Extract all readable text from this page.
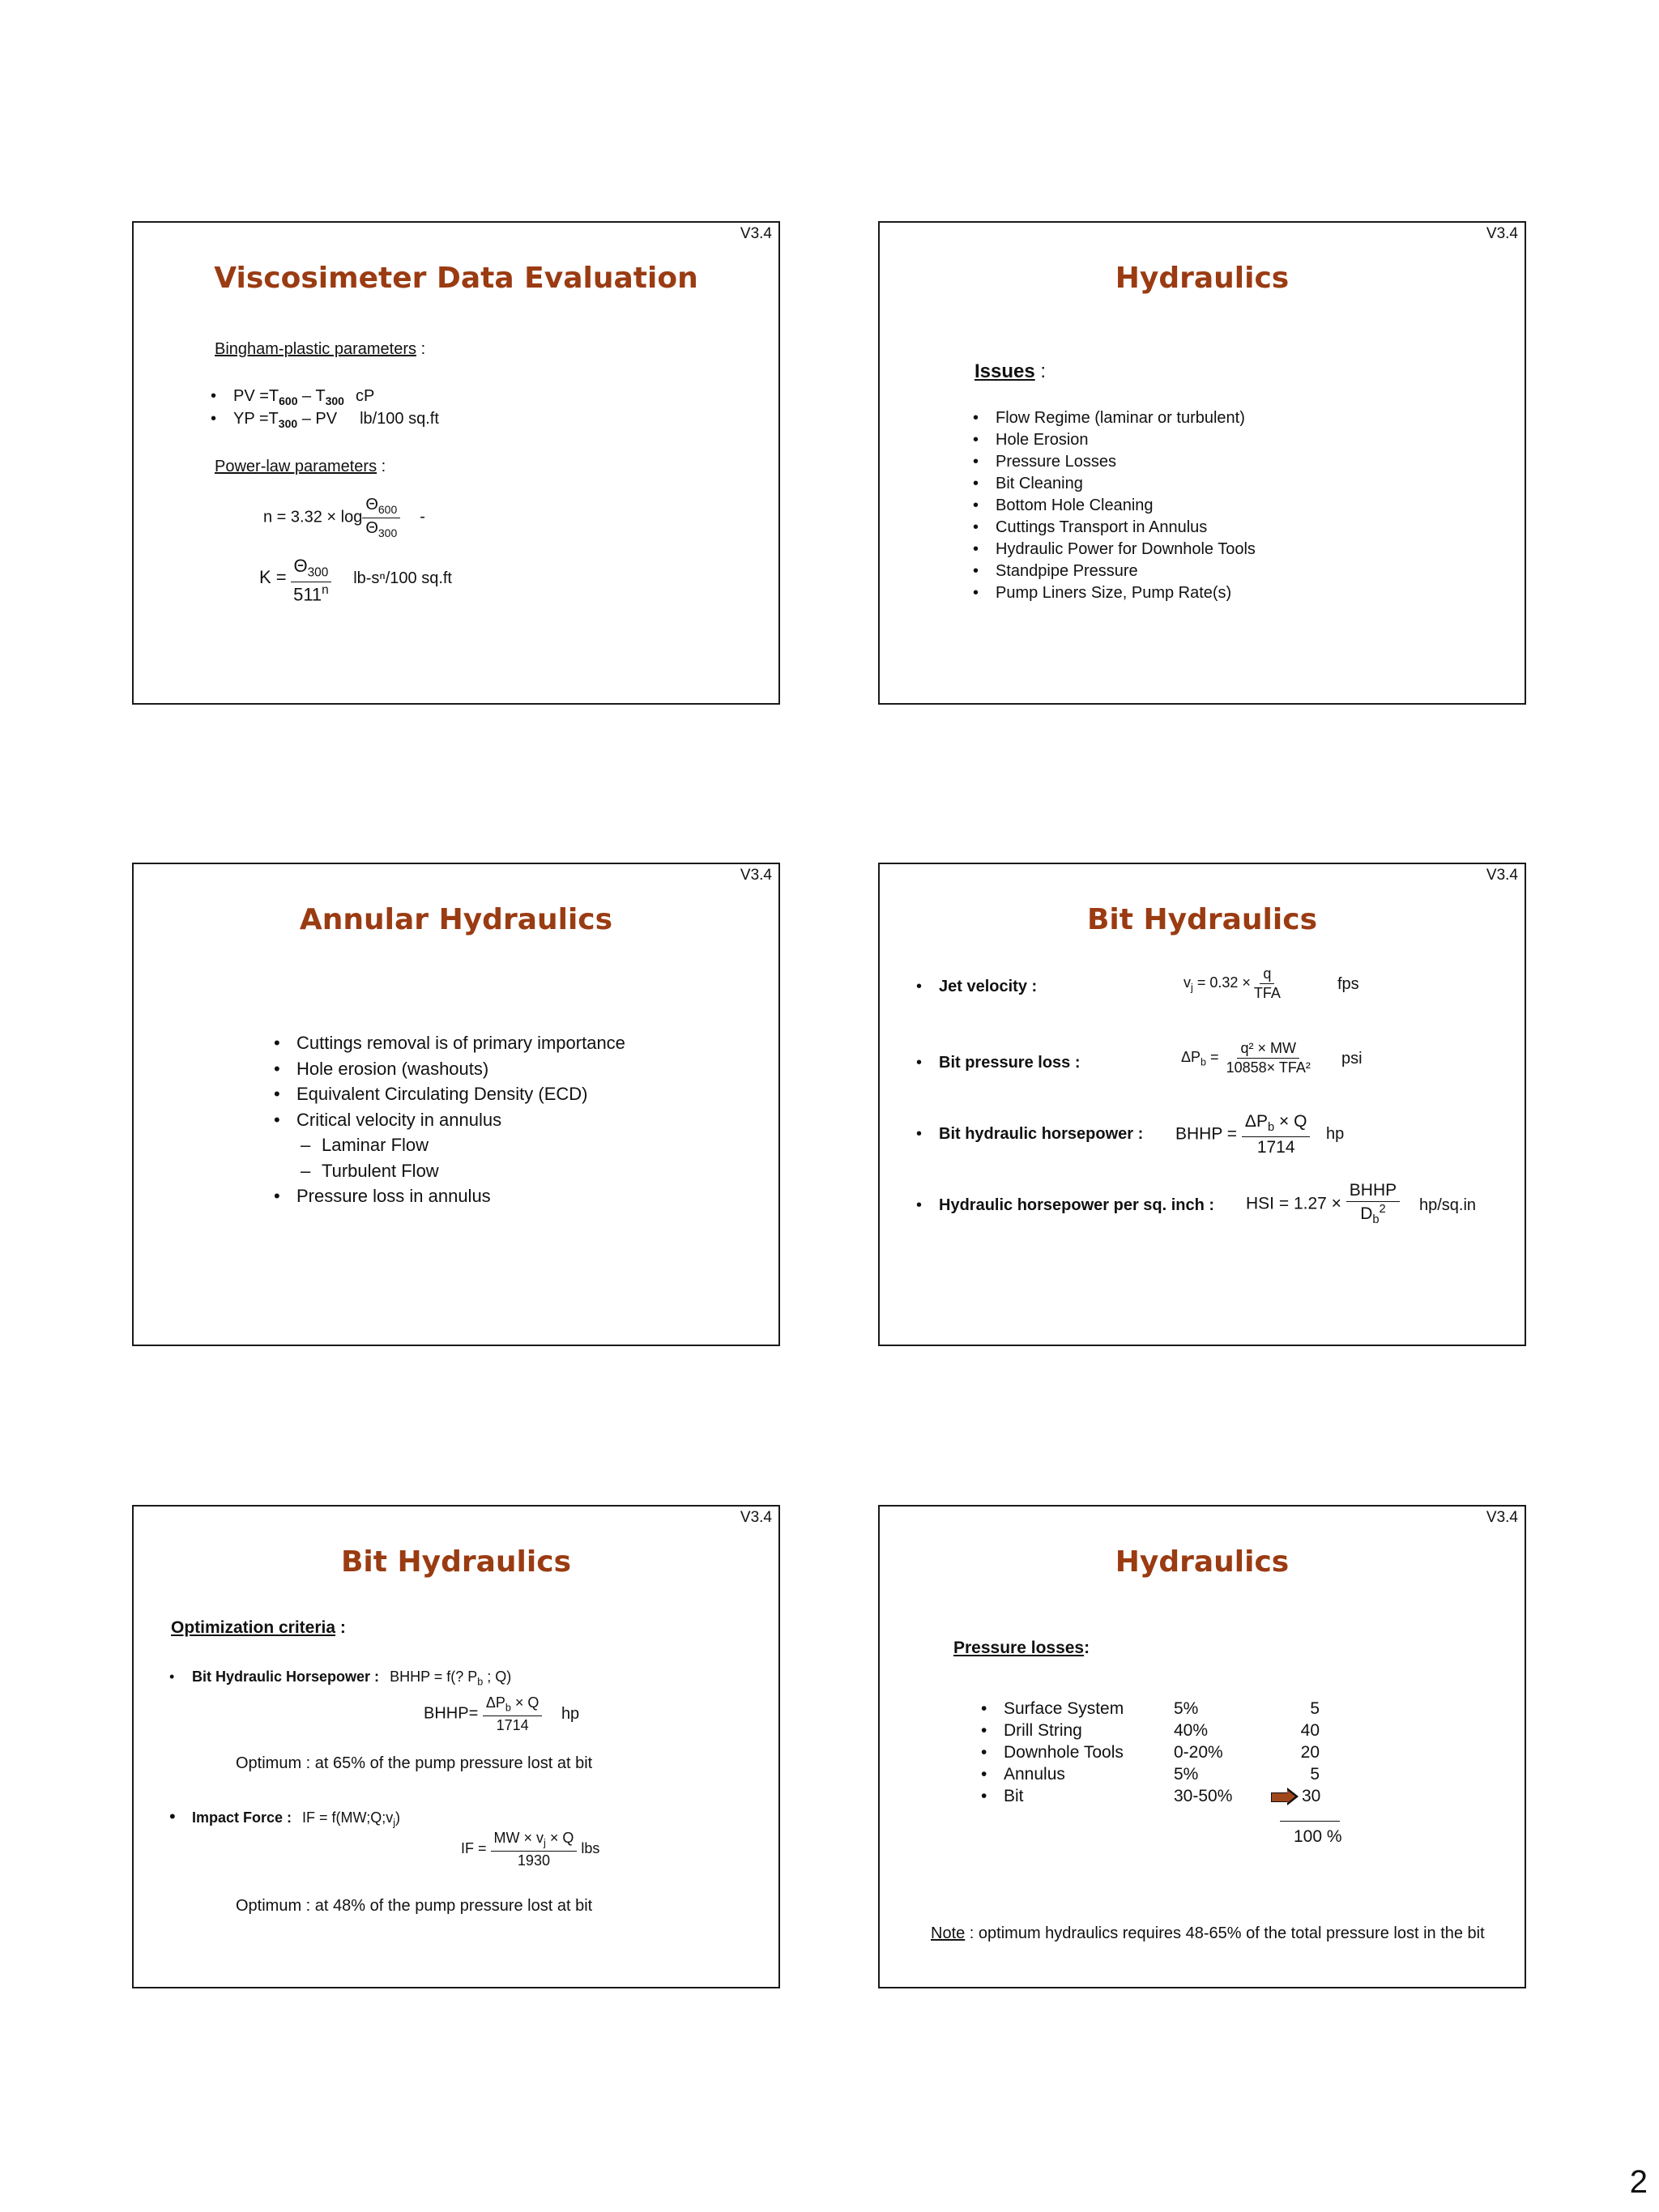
V3.4
Viscosimeter Data Evaluation
Bingham-plastic parameters :
• PV $=T_{600} - T_{300}$ cP
• YP $=T_{300}$ – PV lb/100 sq.ft
Power-law parameters :
$n = 3.32 \times \log \frac{\Theta_{600}}{\Theta_{300}}$ -
$K = \frac{\Theta_{300}}{511^n} lb-s^n/100$ sq.ft
V3.4
Hydraulics
Issues :
• Flow Regime (laminar or turbulent)
• Hole Erosion
• Pressure Losses
• Bit Cleaning
• Bottom Hole Cleaning
• Cuttings Transport in Annulus
• Hydraulic Power for Downhole Tools
• Standpipe Pressure
• Pump Liners Size, Pump Rate(s)
V3.4
Annular Hydraulics
• Cuttings removal is of primary importance
• Hole erosion (washouts)
• Equivalent Circulating Density (ECD)
• Critical velocity in annulus
– Laminar Flow
– Turbulent Flow
• Pressure loss in annulus
V3.4
Bit Hydraulics
• Jet velocity :	$v_j = 0.32 \times \frac{q}{\text{TFA}}$	fps
• Bit pressure loss :	$\Delta P_b = \frac{\text{q² × MW}}{\text{10858× TFA²}}$ psi
• Bit hydraulic horsepower : BHHP = $\frac{\Delta P_b \times Q}{1714}$ hp
• Hydraulic horsepower per sq. inch : HSI = $1.27 \times \frac{\text{BHHP}}{D_b^2} hp/sq.in$
V3.4
Bit Hydraulics
Optimization criteria :
• Bit Hydraulic Horsepower : BHHP = f(? $P_b$ ; Q)
BHHP= $\frac{\Delta P_b \times Q}{1714}$ hp
Optimum : at 65% of the pump pressure lost at bit
• Impact Force : IF = $f(MW;Q;v_j)$
IF = $\frac{MW \times v_j \times Q}{1930}$ lbs
Optimum : at 48% of the pump pressure lost at bit
V3.4
Hydraulics
Pressure losses:
• Surface System	5%	5
• Drill String	40%	40
• Downhole Tools	0-20%	20
• Annulus	5%	5
• Bit	30-50%	30
100 %
Note : optimum hydraulics requires 48-65% of the total pressure lost in the bit
2
